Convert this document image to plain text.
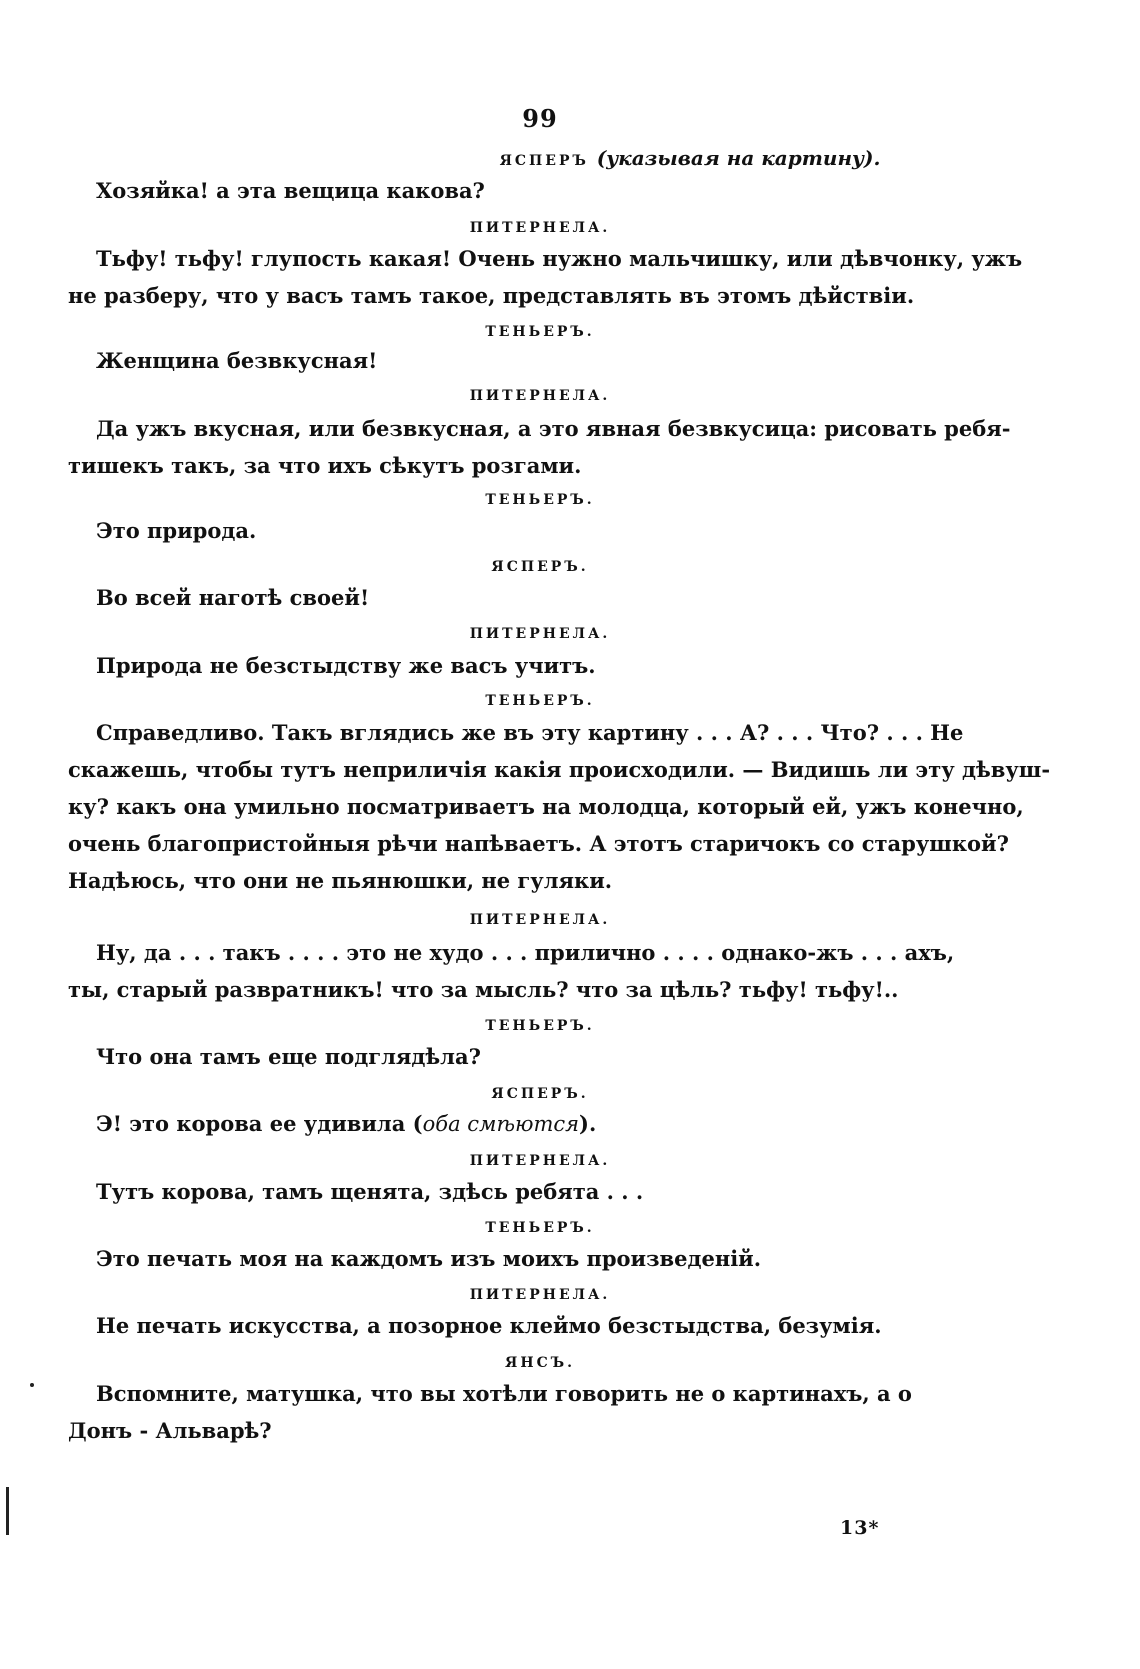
99
ЯСПЕРЪ (указывая на картину).
Хозяйка! а эта вещица какова?
ПИТЕРНЕЛА.
Тьфу! тьфу! глупость какая! Очень нужно мальчишку, или дѣвчонку, ужъ
не разберу, что у васъ тамъ такое, представлять въ этомъ дѣйствіи.
ТЕНЬЕРЪ.
Женщина безвкусная!
ПИТЕРНЕЛА.
Да ужъ вкусная, или безвкусная, а это явная безвкусица: рисовать ребя-
тишекъ такъ, за что ихъ сѣкутъ розгами.
ТЕНЬЕРЪ.
Это природа.
ЯСПЕРЪ.
Во всей наготѣ своей!
ПИТЕРНЕЛА.
Природа не безстыдству же васъ учитъ.
ТЕНЬЕРЪ.
Справедливо. Такъ вглядись же въ эту картину . . . А? . . . Что? . . . Не
скажешь, чтобы тутъ неприличія какія происходили. — Видишь ли эту дѣвуш-
ку? какъ она умильно посматриваетъ на молодца, который ей, ужъ конечно,
очень благопристойныя рѣчи напѣваетъ. А этотъ старичокъ со старушкой?
Надѣюсь, что они не пьянюшки, не гуляки.
ПИТЕРНЕЛА.
Ну, да . . . такъ . . . . это не худо . . . прилично . . . . однако-жъ . . . ахъ,
ты, старый развратникъ! что за мысль? что за цѣль? тьфу! тьфу!..
ТЕНЬЕРЪ.
Что она тамъ еще подглядѣла?
ЯСПЕРЪ.
Э! это корова ее удивила (оба смѣются).
ПИТЕРНЕЛА.
Тутъ корова, тамъ щенята, здѣсь ребята . . .
ТЕНЬЕРЪ.
Это печать моя на каждомъ изъ моихъ произведеній.
ПИТЕРНЕЛА.
Не печать искусства, а позорное клеймо безстыдства, безумія.
ЯНСЪ.
Вспомните, матушка, что вы хотѣли говорить не о картинахъ, а о
Донъ - Альварѣ?
13*
